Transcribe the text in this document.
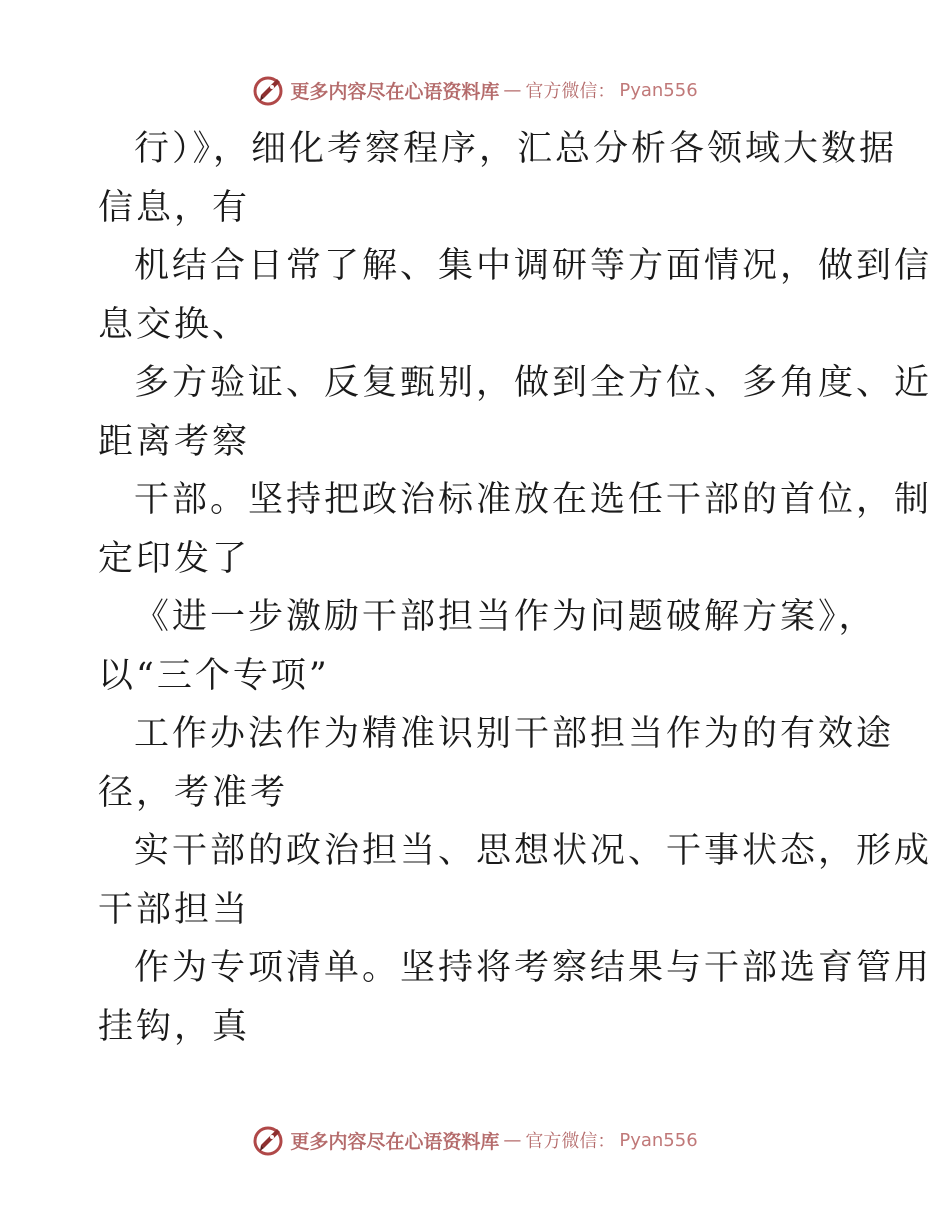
更多内容尽在心语资料库 — 官方微信： Pyan556

行）》，细化考察程序，汇总分析各领域大数据
信息，有

机结合日常了解、集中调研等方面情况，做到信
息交换、

多方验证、反复甄别，做到全方位、多角度、近
距离考察

干部。坚持把政治标准放在选任干部的首位，制
定印发了

《进一步激励干部担当作为问题破解方案》，
以“三个专项”

工作办法作为精准识别干部担当作为的有效途
径，考准考

实干部的政治担当、思想状况、干事状态，形成
干部担当

作为专项清单。坚持将考察结果与干部选育管用
挂钩，真

更多内容尽在心语资料库 — 官方微信： Pyan556
